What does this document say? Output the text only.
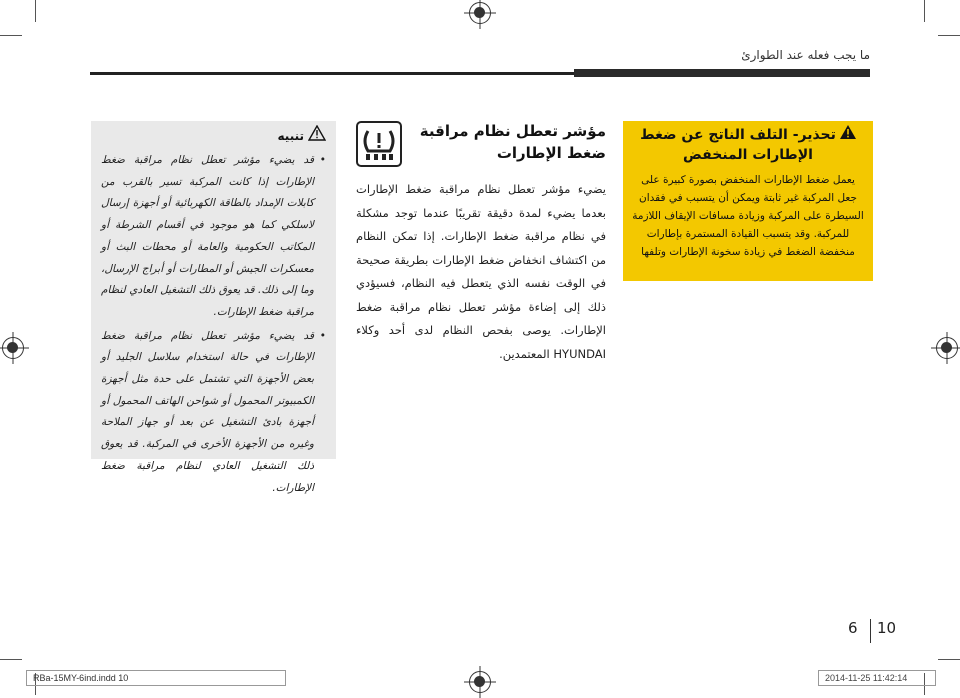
ما يجب فعله عند الطوارئ
تحذير- التلف الناتج عن ضغط الإطارات المنخفض
يعمل ضغط الإطارات المنخفض بصورة كبيرة على جعل المركبة غير ثابتة ويمكن أن يتسبب في فقدان السيطرة على المركبة وزيادة مسافات الإيقاف اللازمة للمركبة. وقد يتسبب القيادة المستمرة بإطارات منخفضة الضغط في زيادة سخونة الإطارات وتلفها
مؤشر تعطل نظام مراقبة ضغط الإطارات
يضيء مؤشر تعطل نظام مراقبة ضغط الإطارات بعدما يضيء لمدة دقيقة تقريبًا عندما توجد مشكلة في نظام مراقبة ضغط الإطارات. إذا تمكن النظام من اكتشاف انخفاض ضغط الإطارات بطريقة صحيحة في الوقت نفسه الذي يتعطل فيه النظام، فسيؤدي ذلك إلى إضاءة مؤشر تعطل نظام مراقبة ضغط الإطارات. يوصى بفحص النظام لدى أحد وكلاء HYUNDAI المعتمدين.
تنبيه
• قد يضيء مؤشر تعطل نظام مراقبة ضغط الإطارات إذا كانت المركبة تسير بالقرب من كابلات الإمداد بالطاقة الكهربائية أو أجهزة إرسال لاسلكي كما هو موجود في أقسام الشرطة أو المكاتب الحكومية والعامة أو محطات البث أو معسكرات الجيش أو المطارات أو أبراج الإرسال، وما إلى ذلك. قد يعوق ذلك التشغيل العادي لنظام مراقبة ضغط الإطارات.
• قد يضيء مؤشر تعطل نظام مراقبة ضغط الإطارات في حالة استخدام سلاسل الجليد أو بعض الأجهزة التي تشتمل على حدة مثل أجهزة الكمبيوتر المحمول أو شواحن الهاتف المحمول أو أجهزة بادئ التشغيل عن بعد أو جهاز الملاحة وغيره من الأجهزة الأخرى في المركبة. قد يعوق ذلك التشغيل العادي لنظام مراقبة ضغط الإطارات.
6 10
RBa-15MY-6ind.indd 10	2014-11-25 11:42:14
